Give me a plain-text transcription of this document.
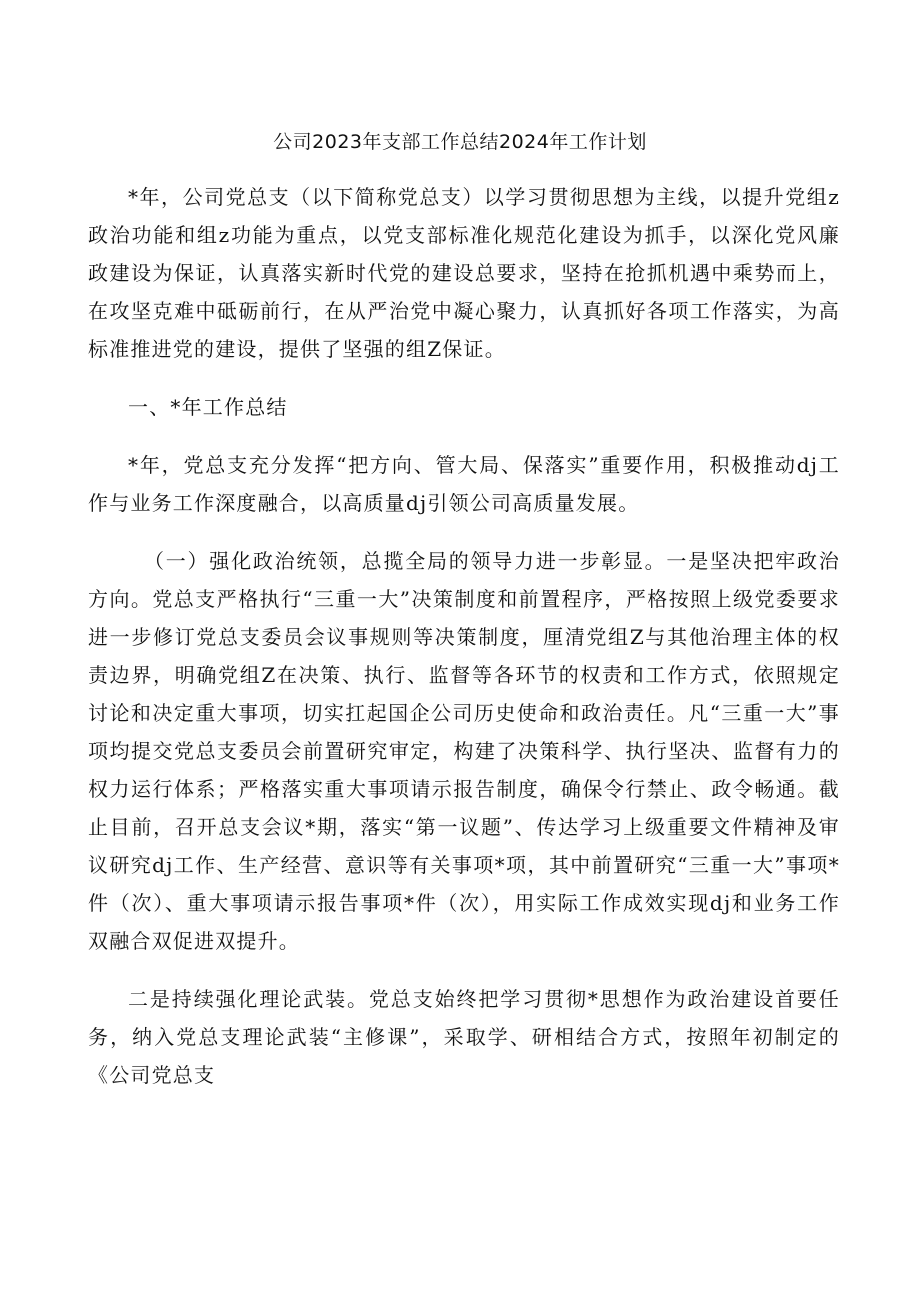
公司2023年支部工作总结2024年工作计划

*年，公司党总支（以下简称党总支）以学习贯彻思想为主线，以提升党组z政治功能和组z功能为重点，以党支部标准化规范化建设为抓手，以深化党风廉政建设为保证，认真落实新时代党的建设总要求，坚持在抢抓机遇中乘势而上，在攻坚克难中砥砺前行，在从严治党中凝心聚力，认真抓好各项工作落实，为高标准推进党的建设，提供了坚强的组Z保证。

一、*年工作总结

*年，党总支充分发挥“把方向、管大局、保落实”重要作用，积极推动dj工作与业务工作深度融合，以高质量dj引领公司高质量发展。

（一）强化政治统领，总揽全局的领导力进一步彰显。一是坚决把牢政治方向。党总支严格执行“三重一大”决策制度和前置程序，严格按照上级党委要求进一步修订党总支委员会议事规则等决策制度，厘清党组Z与其他治理主体的权责边界，明确党组Z在决策、执行、监督等各环节的权责和工作方式，依照规定讨论和决定重大事项，切实扛起国企公司历史使命和政治责任。凡“三重一大”事项均提交党总支委员会前置研究审定，构建了决策科学、执行坚决、监督有力的权力运行体系；严格落实重大事项请示报告制度，确保令行禁止、政令畅通。截止目前，召开总支会议*期，落实“第一议题”、传达学习上级重要文件精神及审议研究dj工作、生产经营、意识等有关事项*项，其中前置研究“三重一大”事项*件（次）、重大事项请示报告事项*件（次），用实际工作成效实现dj和业务工作双融合双促进双提升。

二是持续强化理论武装。党总支始终把学习贯彻*思想作为政治建设首要任务，纳入党总支理论武装“主修课”，采取学、研相结合方式，按照年初制定的《公司党总支
